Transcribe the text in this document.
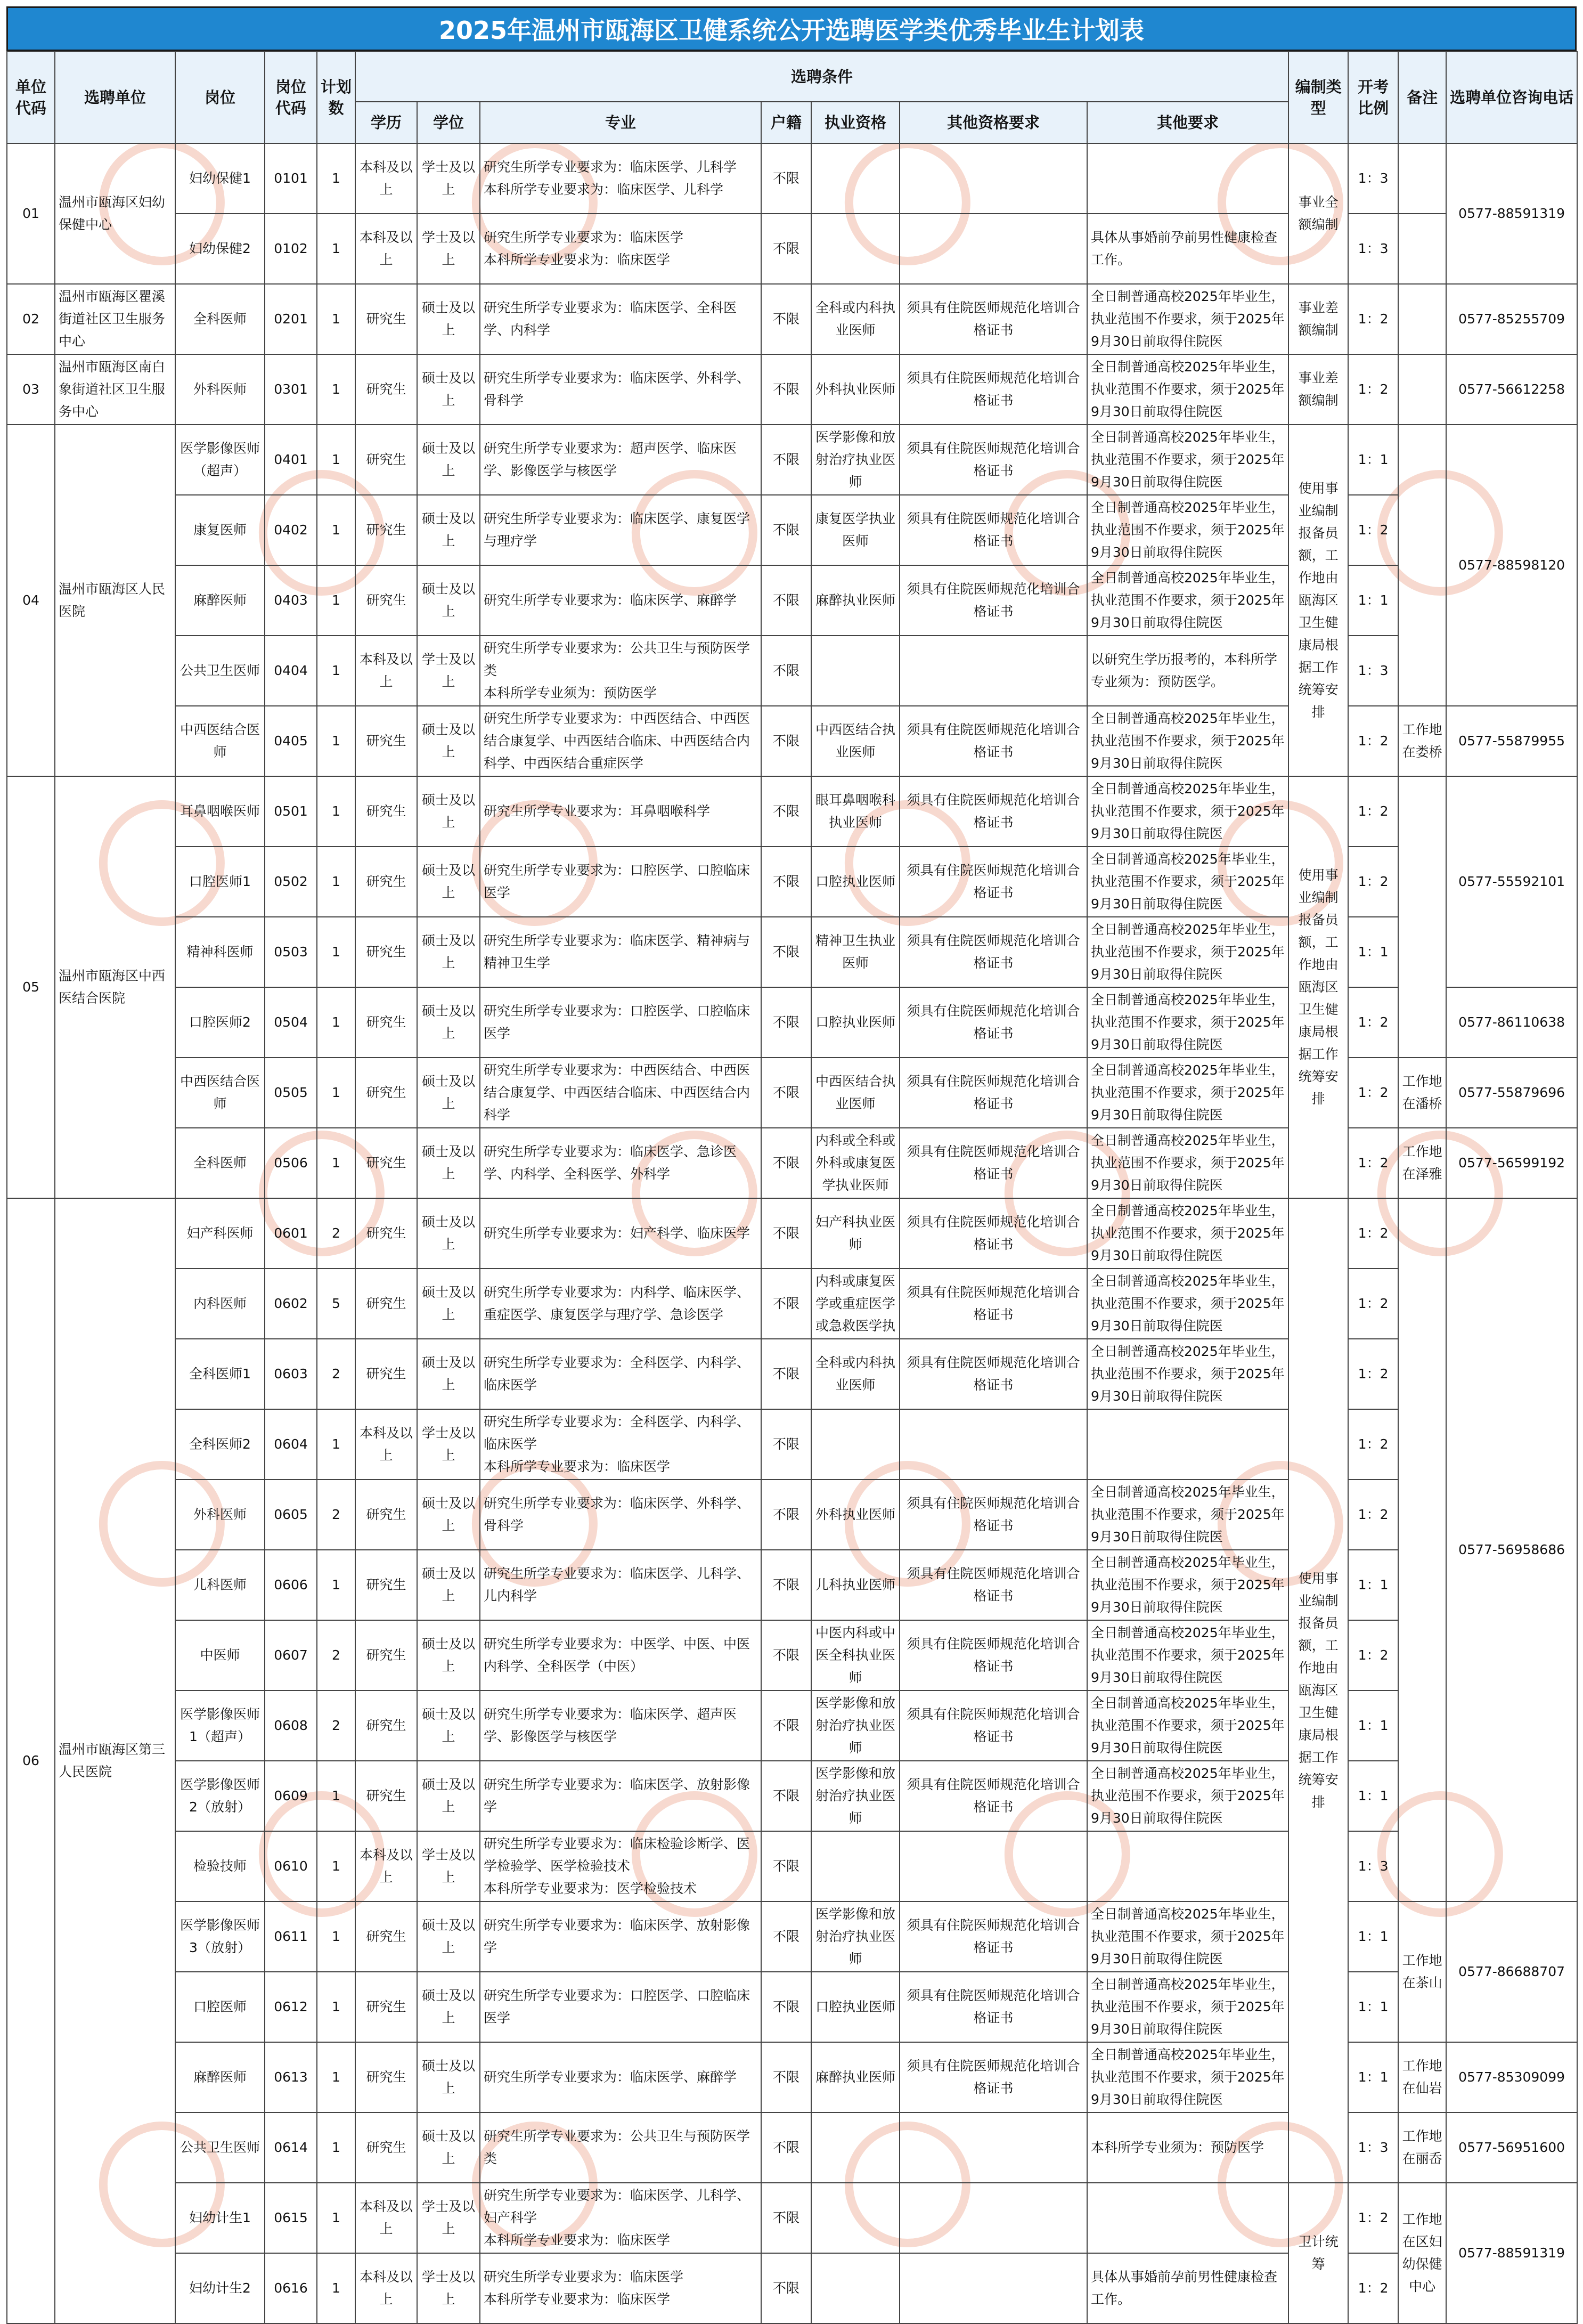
2025年温州市瓯海区卫健系统公开选聘医学类优秀毕业生计划表
单位代码	选聘单位	岗位	岗位代码	计划数	选聘条件							编制类型	开考比例	备注	选聘单位咨询电话
					学历	学位	专业	户籍	执业资格	其他资格要求	其他要求				
01	温州市瓯海区妇幼保健中心	妇幼保健1	0101	1	本科及以上	学士及以上	研究生所学专业要求为：临床医学、儿科学
本科所学专业要求为：临床医学、儿科学	不限				事业全额编制	1：3		0577-88591319
		妇幼保健2	0102	1	本科及以上	学士及以上	研究生所学专业要求为：临床医学
本科所学专业要求为：临床医学	不限			具体从事婚前孕前男性健康检查工作。		1：3		
02	温州市瓯海区瞿溪街道社区卫生服务中心	全科医师	0201	1	研究生	硕士及以上	研究生所学专业要求为：临床医学、全科医学、内科学	不限	全科或内科执业医师	须具有住院医师规范化培训合格证书	全日制普通高校2025年毕业生，执业范围不作要求，须于2025年9月30日前取得住院医	事业差额编制	1：2		0577-85255709
03	温州市瓯海区南白象街道社区卫生服务中心	外科医师	0301	1	研究生	硕士及以上	研究生所学专业要求为：临床医学、外科学、骨科学	不限	外科执业医师	须具有住院医师规范化培训合格证书	全日制普通高校2025年毕业生，执业范围不作要求，须于2025年9月30日前取得住院医	事业差额编制	1：2		0577-56612258
04	温州市瓯海区人民医院	医学影像医师（超声）	0401	1	研究生	硕士及以上	研究生所学专业要求为：超声医学、临床医学、影像医学与核医学	不限	医学影像和放射治疗执业医师	须具有住院医师规范化培训合格证书	全日制普通高校2025年毕业生，执业范围不作要求，须于2025年9月30日前取得住院医	使用事业编制报备员额，工作地由瓯海区卫生健康局根据工作统筹安排	1：1		0577-88598120
		康复医师	0402	1	研究生	硕士及以上	研究生所学专业要求为：临床医学、康复医学与理疗学	不限	康复医学执业医师	须具有住院医师规范化培训合格证书	全日制普通高校2025年毕业生，执业范围不作要求，须于2025年9月30日前取得住院医		1：2		
		麻醉医师	0403	1	研究生	硕士及以上	研究生所学专业要求为：临床医学、麻醉学	不限	麻醉执业医师	须具有住院医师规范化培训合格证书	全日制普通高校2025年毕业生，执业范围不作要求，须于2025年9月30日前取得住院医		1：1		
		公共卫生医师	0404	1	本科及以上	学士及以上	研究生所学专业要求为：公共卫生与预防医学类
本科所学专业须为：预防医学	不限			以研究生学历报考的，本科所学专业须为：预防医学。		1：3		
		中西医结合医师	0405	1	研究生	硕士及以上	研究生所学专业要求为：中西医结合、中西医结合康复学、中西医结合临床、中西医结合内科学、中西医结合重症医学	不限	中西医结合执业医师	须具有住院医师规范化培训合格证书	全日制普通高校2025年毕业生，执业范围不作要求，须于2025年9月30日前取得住院医		1：2	工作地在娄桥	0577-55879955
05	温州市瓯海区中西医结合医院	耳鼻咽喉医师	0501	1	研究生	硕士及以上	研究生所学专业要求为：耳鼻咽喉科学	不限	眼耳鼻咽喉科执业医师	须具有住院医师规范化培训合格证书	全日制普通高校2025年毕业生，执业范围不作要求，须于2025年9月30日前取得住院医	使用事业编制报备员额，工作地由瓯海区卫生健康局根据工作统筹安排	1：2		0577-55592101
		口腔医师1	0502	1	研究生	硕士及以上	研究生所学专业要求为：口腔医学、口腔临床医学	不限	口腔执业医师	须具有住院医师规范化培训合格证书	全日制普通高校2025年毕业生，执业范围不作要求，须于2025年9月30日前取得住院医		1：2		
		精神科医师	0503	1	研究生	硕士及以上	研究生所学专业要求为：临床医学、精神病与精神卫生学	不限	精神卫生执业医师	须具有住院医师规范化培训合格证书	全日制普通高校2025年毕业生，执业范围不作要求，须于2025年9月30日前取得住院医		1：1		
		口腔医师2	0504	1	研究生	硕士及以上	研究生所学专业要求为：口腔医学、口腔临床医学	不限	口腔执业医师	须具有住院医师规范化培训合格证书	全日制普通高校2025年毕业生，执业范围不作要求，须于2025年9月30日前取得住院医		1：2		0577-86110638
		中西医结合医师	0505	1	研究生	硕士及以上	研究生所学专业要求为：中西医结合、中西医结合康复学、中西医结合临床、中西医结合内科学	不限	中西医结合执业医师	须具有住院医师规范化培训合格证书	全日制普通高校2025年毕业生，执业范围不作要求，须于2025年9月30日前取得住院医		1：2	工作地在潘桥	0577-55879696
		全科医师	0506	1	研究生	硕士及以上	研究生所学专业要求为：临床医学、急诊医学、内科学、全科医学、外科学	不限	内科或全科或外科或康复医学执业医师	须具有住院医师规范化培训合格证书	全日制普通高校2025年毕业生，执业范围不作要求，须于2025年9月30日前取得住院医		1：2	工作地在泽雅	0577-56599192
06	温州市瓯海区第三人民医院	妇产科医师	0601	2	研究生	硕士及以上	研究生所学专业要求为：妇产科学、临床医学	不限	妇产科执业医师	须具有住院医师规范化培训合格证书	全日制普通高校2025年毕业生，执业范围不作要求，须于2025年9月30日前取得住院医	使用事业编制报备员额，工作地由瓯海区卫生健康局根据工作统筹安排	1：2		0577-56958686
		内科医师	0602	5	研究生	硕士及以上	研究生所学专业要求为：内科学、临床医学、重症医学、康复医学与理疗学、急诊医学	不限	内科或康复医学或重症医学或急救医学执	须具有住院医师规范化培训合格证书	全日制普通高校2025年毕业生，执业范围不作要求，须于2025年9月30日前取得住院医		1：2		
		全科医师1	0603	2	研究生	硕士及以上	研究生所学专业要求为：全科医学、内科学、临床医学	不限	全科或内科执业医师	须具有住院医师规范化培训合格证书	全日制普通高校2025年毕业生，执业范围不作要求，须于2025年9月30日前取得住院医		1：2		
		全科医师2	0604	1	本科及以上	学士及以上	研究生所学专业要求为：全科医学、内科学、临床医学
本科所学专业要求为：临床医学	不限					1：2		
		外科医师	0605	2	研究生	硕士及以上	研究生所学专业要求为：临床医学、外科学、骨科学	不限	外科执业医师	须具有住院医师规范化培训合格证书	全日制普通高校2025年毕业生，执业范围不作要求，须于2025年9月30日前取得住院医		1：2		
		儿科医师	0606	1	研究生	硕士及以上	研究生所学专业要求为：临床医学、儿科学、儿内科学	不限	儿科执业医师	须具有住院医师规范化培训合格证书	全日制普通高校2025年毕业生，执业范围不作要求，须于2025年9月30日前取得住院医		1：1		
		中医师	0607	2	研究生	硕士及以上	研究生所学专业要求为：中医学、中医、中医内科学、全科医学（中医）	不限	中医内科或中医全科执业医师	须具有住院医师规范化培训合格证书	全日制普通高校2025年毕业生，执业范围不作要求，须于2025年9月30日前取得住院医		1：2		
		医学影像医师1（超声）	0608	2	研究生	硕士及以上	研究生所学专业要求为：临床医学、超声医学、影像医学与核医学	不限	医学影像和放射治疗执业医师	须具有住院医师规范化培训合格证书	全日制普通高校2025年毕业生，执业范围不作要求，须于2025年9月30日前取得住院医		1：1		
		医学影像医师2（放射）	0609	1	研究生	硕士及以上	研究生所学专业要求为：临床医学、放射影像学	不限	医学影像和放射治疗执业医师	须具有住院医师规范化培训合格证书	全日制普通高校2025年毕业生，执业范围不作要求，须于2025年9月30日前取得住院医		1：1		
		检验技师	0610	1	本科及以上	学士及以上	研究生所学专业要求为：临床检验诊断学、医学检验学、医学检验技术
本科所学专业要求为：医学检验技术	不限					1：3		
		医学影像医师3（放射）	0611	1	研究生	硕士及以上	研究生所学专业要求为：临床医学、放射影像学	不限	医学影像和放射治疗执业医师	须具有住院医师规范化培训合格证书	全日制普通高校2025年毕业生，执业范围不作要求，须于2025年9月30日前取得住院医		1：1	工作地在茶山	0577-86688707
		口腔医师	0612	1	研究生	硕士及以上	研究生所学专业要求为：口腔医学、口腔临床医学	不限	口腔执业医师	须具有住院医师规范化培训合格证书	全日制普通高校2025年毕业生，执业范围不作要求，须于2025年9月30日前取得住院医		1：1		
		麻醉医师	0613	1	研究生	硕士及以上	研究生所学专业要求为：临床医学、麻醉学	不限	麻醉执业医师	须具有住院医师规范化培训合格证书	全日制普通高校2025年毕业生，执业范围不作要求，须于2025年9月30日前取得住院医		1：1	工作地在仙岩	0577-85309099
		公共卫生医师	0614	1	研究生	硕士及以上	研究生所学专业要求为：公共卫生与预防医学类	不限			本科所学专业须为：预防医学		1：3	工作地在丽岙	0577-56951600
		妇幼计生1	0615	1	本科及以上	学士及以上	研究生所学专业要求为：临床医学、儿科学、妇产科学
本科所学专业要求为：临床医学	不限				卫计统筹	1：2	工作地在区妇幼保健中心	0577-88591319
		妇幼计生2	0616	1	本科及以上	学士及以上	研究生所学专业要求为：临床医学
本科所学专业要求为：临床医学	不限			具体从事婚前孕前男性健康检查工作。		1：2		
